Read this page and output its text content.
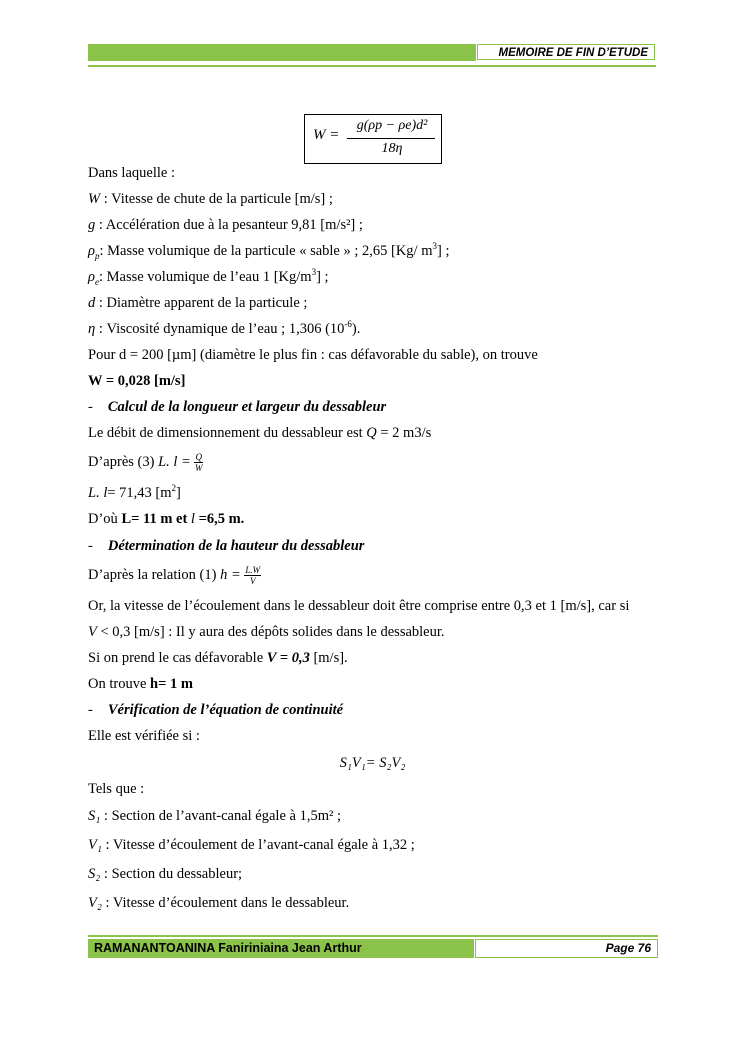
MEMOIRE DE FIN D’ETUDE
W =
g(ρp − ρe)d²
18η
Dans laquelle :
W : Vitesse de chute de la particule [m/s] ;
g : Accélération due à la pesanteur 9,81 [m/s²] ;
$\rho_p$: Masse volumique de la particule « sable » ; 2,65 [Kg/ $m^3$] ;
$\rho_e$: Masse volumique de l’eau 1 $[Kg/m^3]$ ;
d : Diamètre apparent de la particule ;
η : Viscosité dynamique de l’eau ; 1,306 $(10^{-6})$.
Pour d = 200 [µm] (diamètre le plus fin : cas défavorable du sable), on trouve
W = 0,028 [m/s]
- Calcul de la longueur et largeur du dessableur
Le débit de dimensionnement du dessableur est Q = 2 m3/s
D’après (3) L. $l = \frac{Q}{W}$
L. l= 71,43 $[m^2]$
D’où L= 11 m et l =6,5 m.
- Détermination de la hauteur du dessableur
D’après la relation (1) $h = \frac{L.W}{V}$
Or, la vitesse de l’écoulement dans le dessableur doit être comprise entre 0,3 et 1 [m/s], car si
V < 0,3 [m/s] : Il y aura des dépôts solides dans le dessableur.
Si on prend le cas défavorable V = 0,3 [m/s].
On trouve h= 1 m
- Vérification de l’équation de continuité
Elle est vérifiée si :
S₁V₁= S₂V₂
Tels que :
S₁ : Section de l’avant-canal égale à 1,5m² ;
V₁ : Vitesse d’écoulement de l’avant-canal égale à 1,32 ;
S₂ : Section du dessableur;
V₂ : Vitesse d’écoulement dans le dessableur.
RAMANANTOANINA Faniriniaina Jean Arthur	Page 76
